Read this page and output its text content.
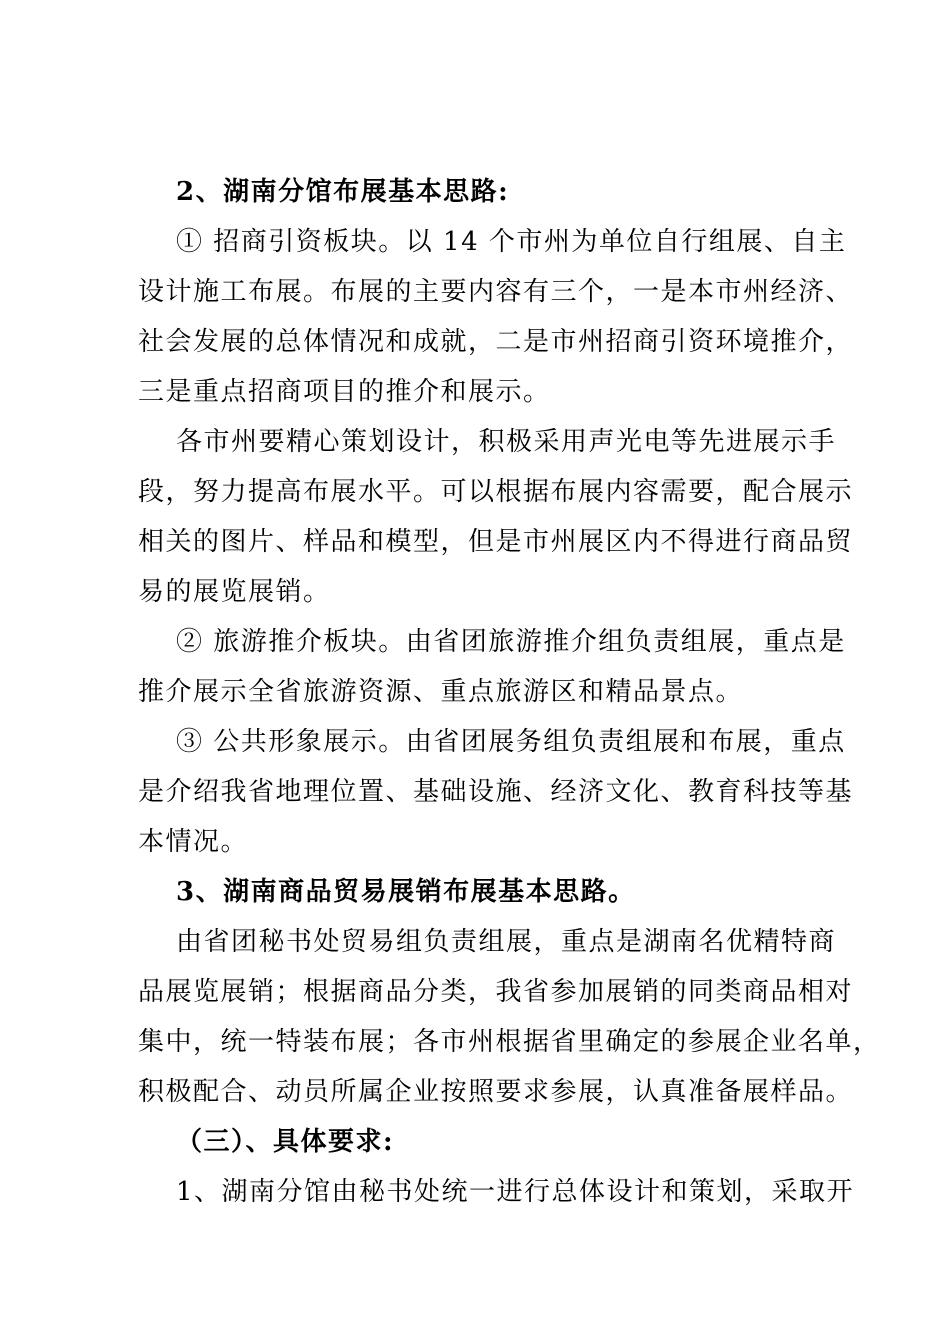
2、湖南分馆布展基本思路:
① 招商引资板块。以 14 个市州为单位自行组展、自主
设计施工布展。布展的主要内容有三个，一是本市州经济、
社会发展的总体情况和成就，二是市州招商引资环境推介，
三是重点招商项目的推介和展示。
各市州要精心策划设计，积极采用声光电等先进展示手
段，努力提高布展水平。可以根据布展内容需要，配合展示
相关的图片、样品和模型，但是市州展区内不得进行商品贸
易的展览展销。
② 旅游推介板块。由省团旅游推介组负责组展，重点是
推介展示全省旅游资源、重点旅游区和精品景点。
③ 公共形象展示。由省团展务组负责组展和布展，重点
是介绍我省地理位置、基础设施、经济文化、教育科技等基
本情况。
3、湖南商品贸易展销布展基本思路。
由省团秘书处贸易组负责组展，重点是湖南名优精特商
品展览展销；根据商品分类，我省参加展销的同类商品相对
集中，统一特装布展；各市州根据省里确定的参展企业名单，
积极配合、动员所属企业按照要求参展，认真准备展样品。
（三）、具体要求:
1、湖南分馆由秘书处统一进行总体设计和策划，采取开
